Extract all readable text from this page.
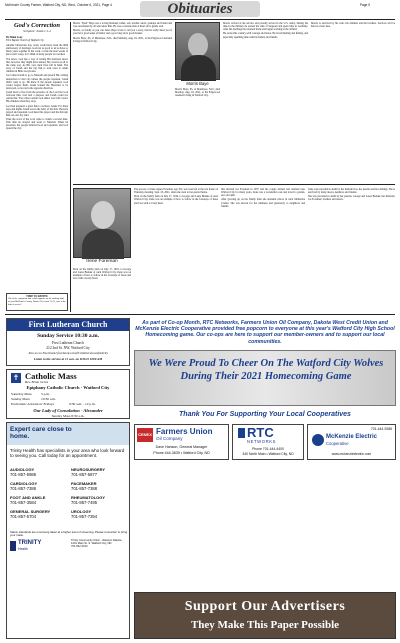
McKenzie County Farmer, Watford City, ND, Wed., October 6, 2021, Page 4	Obituaries	Page 5
God's Correction
Scripture: Jonah 1:1-4
By Helen Louy
First Baptist Church of Watford City

Another bittersweet day, today would have been the 86th anniversary of marriage. God rest us good to let us have so many years together in the work. I write the next weeks of piece and I weep, for I think of many people we touched.

You know, God has a way of letting His believers know that, however they might have sinned, He corrects us all to the same way. As His own, their lives fall in hand. The story of Jonah and the big fish is read even to small children in Bible storybooks.

God called Jonah to go to Nineveh and preach His coming destruction to that city unless the people repented. Jonah didn't want to go. He knew if the people repented, God would forgive them. Jonah wanted the Ninevites to be destroyed, so he ran in the opposite direction.

Jonah tried to flee from the presence of the Lord but God followed him. God had a purpose and Jonah could not outrun that. You cannot outrun God either. God will correct His children when they stray.

God had prepared a great fish to swallow Jonah. For three days and nights Jonah was in the belly of the fish. There he prayed and repented. God heard his prayer and the fish spit him out onto dry land.

Then the word of the Lord came to Jonah a second time. This time he obeyed and went to Nineveh. When he preached, the people believed God and repented, and God spared the city.

TIME TO RENEW
Check the expiration date which appears on the mailing label of your McKenzie County Farmer. If it reads 11-21, now is the time to renew!
Morris Baye

Morris "Spud" Baye was a loving husband, father, son, brother, uncle, grandpa and friend and was surrounded by all who knew him. He was a resolute man at heart and a gentle soul.

Morris, as fondly as you can. Rest, Baye loved to tell you a story, that he really liked you if you had a good sense of humor and a good dog and a good listener.

Morris Baye, 65, of Mandaree, N.D., died Monday, Aug. 16, 2021, at his Edgewood Assisted Living in Watford City.

Morris arrived at the service and proudly served in the U.S. Army. During his time in the military he earned the rank of Sergeant and spent time in Germany. After his discharge he returned home and began working in the oilfield.

He served his country with courage and honor. He loved hunting and fishing, and especially spending time with his family and friends.

Morris is survived by his wife, his children and his brothers. Services will be held at a later date.

Morris Baye, 65, of Mandaree, N.D., died Monday, Aug. 16, 2021, at his Edgewood Assisted Living in Watford City.

Irene Foreman

The process of Irene Agnes Foreman, age 102, was reserved at the rest home on Thursday morning, Sept. 23, 2021, when she went to her eternal home.

Born on the family farm on July 17, 1919, to George and Laura Brekke of rural Watford City, Irene was an example of how to follow in the footsteps of Jesus and love with a lovely heart.

She married Joe Foreman in 1937 and the couple farmed and ranched near Watford City for many years. Irene was a wonderful cook and loved to garden, sew and quilt.

After growing up on the family farm she attended school in rural McKenzie County. She was known for her kindness and generosity to neighbors and friends.

Irene was preceded in death by her husband Joe, her parents and her siblings. She is survived by many nieces, nephews and friends.

She was preceded in death by her parents, George and Laura Brekke; her husband, Joe Foreman; brothers and sisters.

Born on the family farm on July 17, 1919, to George and Laura Brekke of rural Watford City, Irene was an example of how to follow in the footsteps of Jesus and love with a lovely heart.

First Lutheran Church
Sunday Service 10:30 a.m.
First Lutheran Church
212 2nd St. NW, Watford City
Join us on Facebook! facebook.com/firstlutheranwatfordcity
Listen to the service at 11 a.m. on KTGO 1090 AM
✝ Catholic Mass
Rev. Brian Gross
Epiphany Catholic Church - Watford City
Saturday Mass	5 p.m.
Sunday Mass	10:30 a.m.
Eucharistic Adoration: Fridays	9:30 a.m. - 12 p.m.
Our Lady of Consolation - Alexander
Sunday Mass 8:30 a.m.
Expert care close to home.
Trinity Health has specialists in your area who look forward to seeing you. Call today for an appointment.
AUDIOLOGY
701-857-5986
NEUROSURGERY
701-857-5877
CARDIOLOGY
701-857-7386
PACEMAKER
701-857-7388
FOOT AND ANKLE
701-857-3584
RHEUMATOLOGY
701-857-7495
GENERAL SURGERY
701-857-5704
UROLOGY
701-857-7394
Safety standards are now being taken at a higher level of screening. Please remember to bring your mask.
TRINITY
Health
Trinity Community Clinic - Western Dakota 1201 Main St. S. Watford City, ND 701.842.3310
As part of Co-op Month, RTC Networks, Farmers Union Oil Company, Dakota West Credit Union and McKenzie Electric Cooperative provided free popcorn to everyone at this year's Watford City High School Homecoming game. Our co-ops are here to support our member-owners and to support our local communities.
We Were Proud To Cheer On The Watford City Wolves During Their 2021 Homecoming Game
Thank You For Supporting Your Local Cooperatives
CENEX Farmers Union
Oil Company
Dave Hanson, General Manager
Phone 444-3639 • Watford City, ND
RTC
NETWORKS
Phone 701-444-4400
340 North Main • Watford City, ND
701-444-9288
McKenzie Electric
Cooperative
www.mckenzieelectric.com
Support Our Advertisers
They Make This Paper Possible
